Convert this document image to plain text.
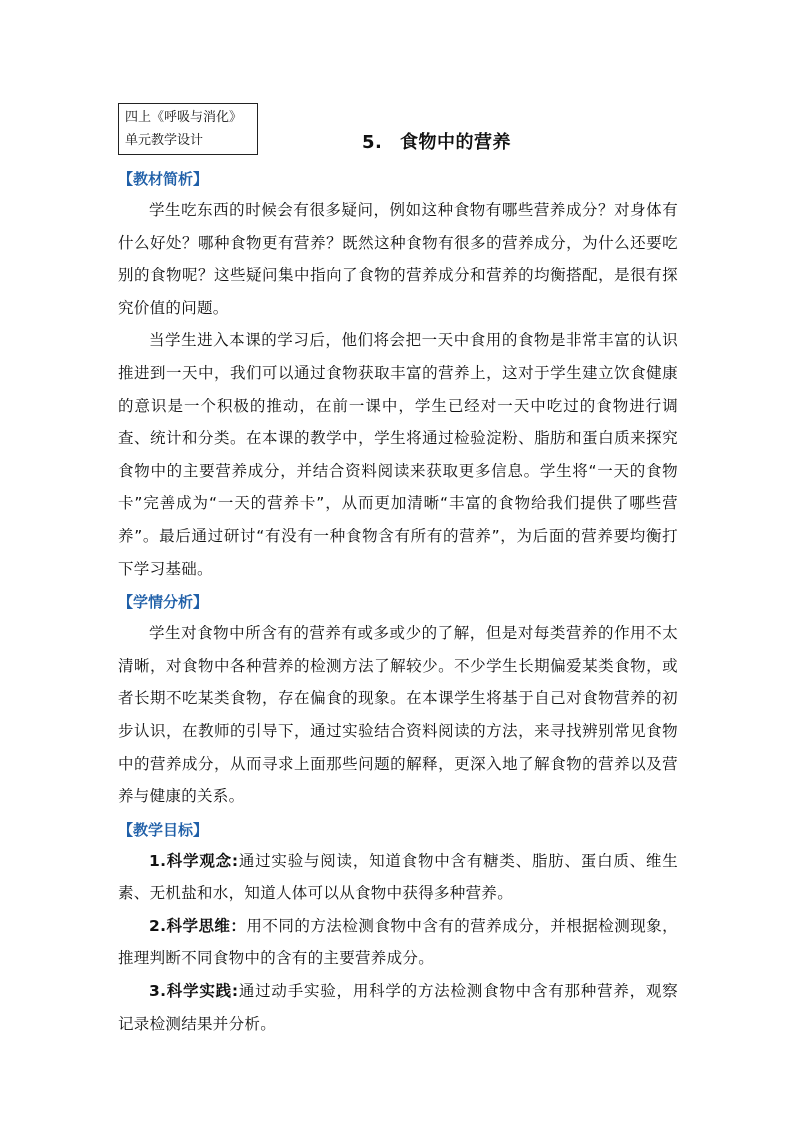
四上《呼吸与消化》
单元教学设计	5. 食物中的营养
【教材简析】

学生吃东西的时候会有很多疑问，例如这种食物有哪些营养成分？对身体有什么好处？哪种食物更有营养？既然这种食物有很多的营养成分，为什么还要吃别的食物呢？这些疑问集中指向了食物的营养成分和营养的均衡搭配，是很有探究价值的问题。

当学生进入本课的学习后，他们将会把一天中食用的食物是非常丰富的认识推进到一天中，我们可以通过食物获取丰富的营养上，这对于学生建立饮食健康的意识是一个积极的推动，在前一课中，学生已经对一天中吃过的食物进行调查、统计和分类。在本课的教学中，学生将通过检验淀粉、脂肪和蛋白质来探究食物中的主要营养成分，并结合资料阅读来获取更多信息。学生将“一天的食物卡”完善成为“一天的营养卡”，从而更加清晰“丰富的食物给我们提供了哪些营养”。最后通过研讨“有没有一种食物含有所有的营养”，为后面的营养要均衡打下学习基础。

【学情分析】

学生对食物中所含有的营养有或多或少的了解，但是对每类营养的作用不太清晰，对食物中各种营养的检测方法了解较少。不少学生长期偏爱某类食物，或者长期不吃某类食物，存在偏食的现象。在本课学生将基于自己对食物营养的初步认识，在教师的引导下，通过实验结合资料阅读的方法，来寻找辨别常见食物中的营养成分，从而寻求上面那些问题的解释，更深入地了解食物的营养以及营养与健康的关系。

【教学目标】

1.科学观念:通过实验与阅读，知道食物中含有糖类、脂肪、蛋白质、维生素、无机盐和水，知道人体可以从食物中获得多种营养。

2.科学思维：用不同的方法检测食物中含有的营养成分，并根据检测现象，推理判断不同食物中的含有的主要营养成分。

3.科学实践:通过动手实验，用科学的方法检测食物中含有那种营养，观察记录检测结果并分析。
